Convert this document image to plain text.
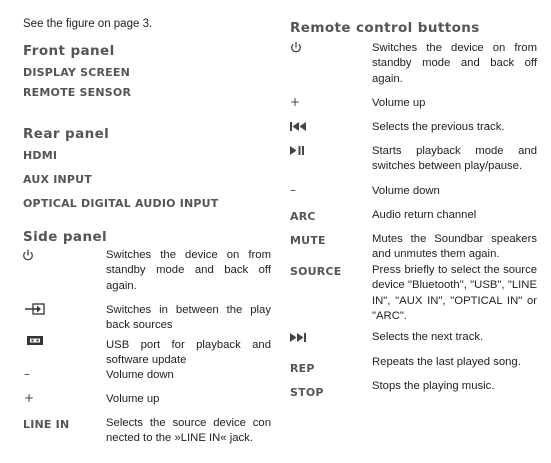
See the figure on page 3.
Front panel
DISPLAY SCREEN
REMOTE SENSOR
Rear panel
HDMI
AUX INPUT
OPTICAL DIGITAL AUDIO INPUT
Side panel
Switches the device on from standby mode and back off again.
Switches in between the play back sources
USB port for playback and software update
–	Volume down
+	Volume up
LINE IN	Selects the source device con nected to the »LINE IN« jack.
Remote control buttons
Switches the device on from standby mode and back off again.
+	Volume up
Selects the previous track.
Starts playback mode and switches between play/pause.
–	Volume down
ARC	Audio return channel
MUTE	Mutes the Soundbar speakers and unmutes them again.
SOURCE	Press briefly to select the source device "Bluetooth", "USB", "LINE IN", "AUX IN", "OPTICAL IN" or "ARC".
Selects the next track.
REP	Repeats the last played song.
STOP	Stops the playing music.
